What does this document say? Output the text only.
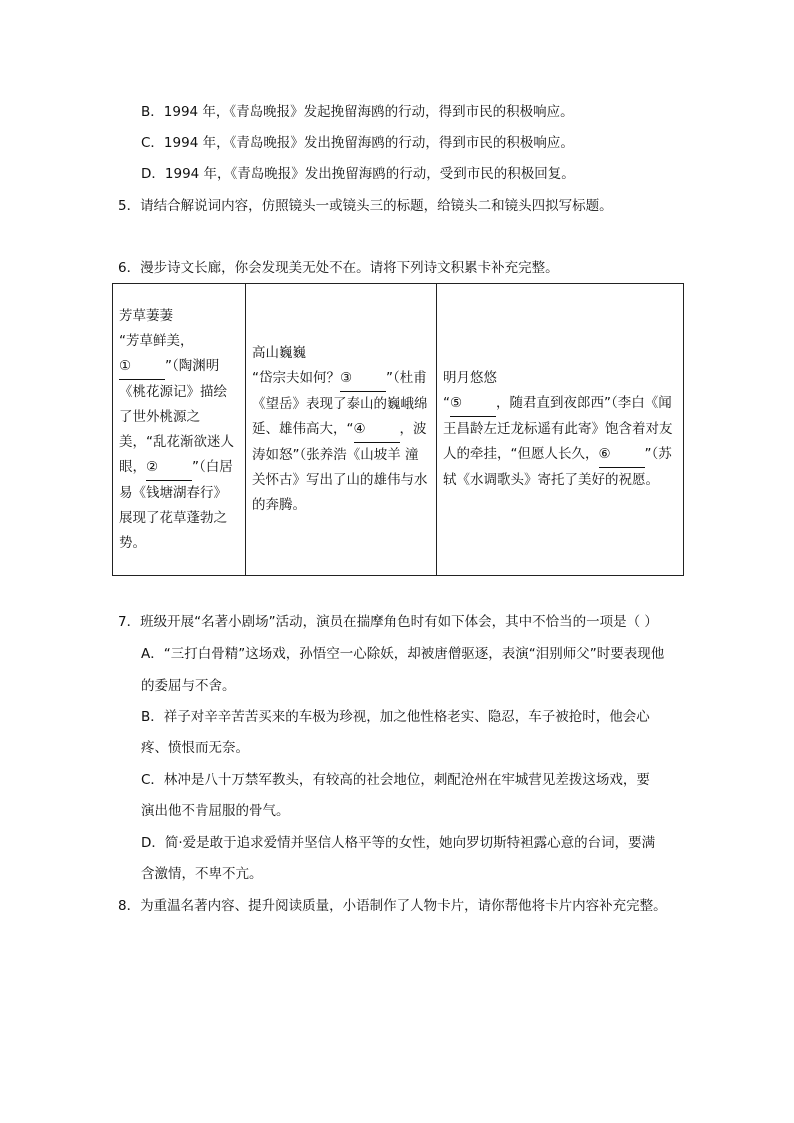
B．1994 年，《青岛晚报》发起挽留海鸥的行动，得到市民的积极响应。
C．1994 年，《青岛晚报》发出挽留海鸥的行动，得到市民的积极响应。
D．1994 年，《青岛晚报》发出挽留海鸥的行动，受到市民的积极回复。
5．请结合解说词内容，仿照镜头一或镜头三的标题，给镜头二和镜头四拟写标题。
6．漫步诗文长廊，你会发现美无处不在。请将下列诗文积累卡补充完整。
芳草萋萋
“芳草鲜美，
①	”（陶渊明《桃花源记》描绘了世外桃源之美，“乱花渐欲迷人眼，②	”（白居易《钱塘湖春行》展现了花草蓬勃之势。

高山巍巍
“岱宗夫如何？③	”（杜甫《望岳》表现了泰山的巍峨绵延、雄伟高大，“④	，波涛如怒”（张养浩《山坡羊 潼关怀古》写出了山的雄伟与水的奔腾。

明月悠悠
“⑤	，随君直到夜郎西”（李白《闻王昌龄左迁龙标遥有此寄》饱含着对友人的牵挂，“但愿人长久，⑥	”（苏轼《水调歌头》寄托了美好的祝愿。
7．班级开展“名著小剧场”活动，演员在揣摩角色时有如下体会，其中不恰当的一项是（ ）
A．“三打白骨精”这场戏，孙悟空一心除妖，却被唐僧驱逐，表演“泪别师父”时要表现他
的委屈与不舍。
B．祥子对辛辛苦苦买来的车极为珍视，加之他性格老实、隐忍，车子被抢时，他会心
疼、愤恨而无奈。
C．林冲是八十万禁军教头，有较高的社会地位，刺配沧州在牢城营见差拨这场戏，要
演出他不肯屈服的骨气。
D．简·爱是敢于追求爱情并坚信人格平等的女性，她向罗切斯特袒露心意的台词，要满
含激情，不卑不亢。
8．为重温名著内容、提升阅读质量，小语制作了人物卡片，请你帮他将卡片内容补充完整。
